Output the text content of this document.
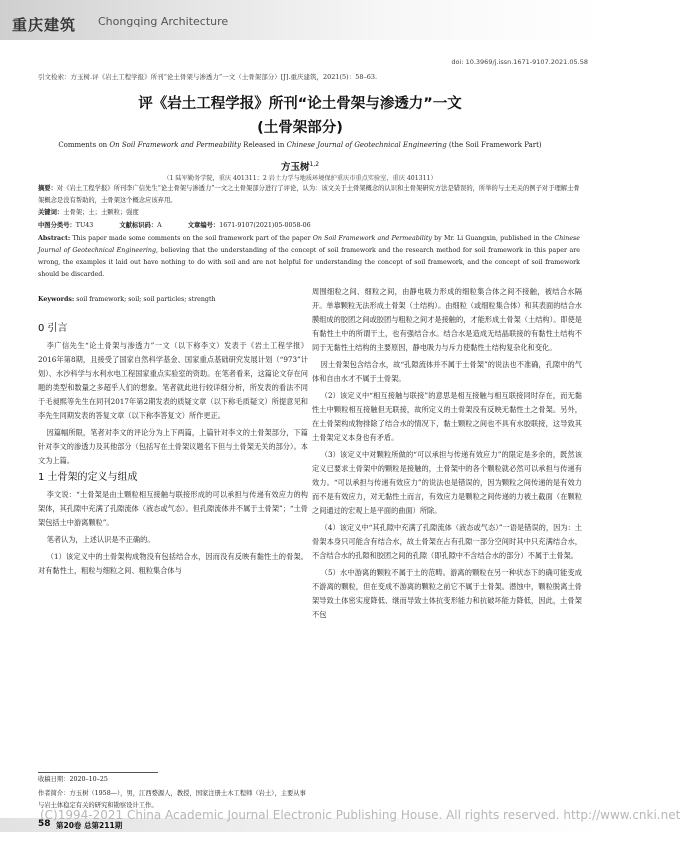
重庆建筑 Chongqing Architecture
doi: 10.3969/j.issn.1671-9107.2021.05.58
引文检索：方玉树.评《岩土工程学报》所刊“论土骨架与渗透力”一文（土骨架部分）[J].重庆建筑，2021(5)：58–63.
评《岩土工程学报》所刊“论土骨架与渗透力”一文
(土骨架部分)
Comments on On Soil Framework and Permeability Released in Chinese Journal of Geotechnical Engineering (the Soil Framework Part)
方玉树$^{1,2}$
（1 陆军勤务学院，重庆 401311；2 岩土力学与地质环境保护重庆市重点实验室，重庆 401311）
摘要：对《岩土工程学报》所刊李广信先生“论土骨架与渗透力”一文之土骨架部分进行了评论，认为：该文关于土骨架概念的认识和土骨架研究方法是错误的，所举的与土无关的例子对于理解土骨架概念是没有帮助的，土骨架这个概念应该弃用。
关键词：土骨架；土；土颗粒；强度
中图分类号：TU43	文献标识码：A	文章编号：1671-9107(2021)05-0058-06
Abstract: This paper made some comments on the soil framework part of the paper On Soil Framework and Permeability by Mr. Li Guangxin, published in the Chinese Journal of Geotechnical Engineering, believing that the understanding of the concept of soil framework and the research method for soil framework in this paper are wrong, the examples it laid out have nothing to do with soil and are not helpful for understanding the concept of soil framework, and the concept of soil framework should be discarded.
Keywords: soil framework; soil; soil particles; strength

0 引言

李广信先生“论土骨架与渗透力”一文（以下称李文）发表于《岩土工程学报》2016年第8期，且接受了国家自然科学基金、国家重点基础研究发展计划（“973”计划）、水沙科学与水利水电工程国家重点实验室的资助。在笔者看来，这篇论文存在问题的类型和数量之多超乎人们的想象。笔者就此进行较详细分析，所发表的看法不同于毛昶熙等先生在同刊2017年第2期发表的质疑文章（以下称毛质疑文）所提意见和李先生同期发表的答复文章（以下称李答复文）所作更正。

因篇幅所限，笔者对李文的评论分为上下两篇，上篇针对李文的土骨架部分，下篇针对李文的渗透力及其他部分（包括写在土骨架议题名下但与土骨架无关的部分）。本文为上篇。

1 土骨架的定义与组成

李文说：“土骨架是由土颗粒相互接触与联接形成的可以承担与传递有效应力的构架体，其孔隙中充满了孔隙流体（液态或气态）。但孔隙流体并不属于土骨架”；“土骨架包括土中游离颗粒”。

笔者认为，上述认识是不正确的。

（1）该定义中的土骨架构成物没有包括结合水，因而没有反映有黏性土的骨架。对有黏性土，粗粒与细粒之间、粗粒集合体与

周围细粒之间、细粒之间，由静电吸力形成的细粒集合体之间不接触，被结合水隔开。单靠颗粒无法形成土骨架（土结构）。由细粒（或细粒集合体）和其表面的结合水膜组成的胶团之间或胶团与粗粒之间才是接触的，才能形成土骨架（土结构）。即使是有黏性土中的所谓干土，也有强结合水。结合水是造成无结晶联接的有黏性土结构不同于无黏性土结构的主要原因，静电吸力与斥力使黏性土结构复杂化和变化。

因土骨架包含结合水，故“孔隙流体并不属于土骨架”的说法也不准确，孔隙中的气体和自由水才不属于土骨架。

（2）该定义中“相互接触与联接”的意思是相互接触与相互联接同时存在，而无黏性土中颗粒相互接触但无联接，故所定义的土骨架没有反映无黏性土之骨架。另外，在土骨架构成物排除了结合水的情况下，黏土颗粒之间也不具有水胶联接，这导致其土骨架定义本身也有矛盾。

（3）该定义中对颗粒所做的“可以承担与传递有效应力”的限定是多余的，既然该定义已要求土骨架中的颗粒是接触的，土骨架中的各个颗粒就必然可以承担与传递有效力。“可以承担与传递有效应力”的说法也是错误的，因为颗粒之间传递的是有效力而不是有效应力，对无黏性土而言，有效应力是颗粒之间传递的力被土截面（在颗粒之间通过的宏观上是平面的曲面）所除。

（4）该定义中“其孔隙中充满了孔隙流体（液态或气态）”一语是错误的，因为：土骨架本身只可能含有结合水，故土骨架在占有孔隙一部分空间时其中只充满结合水，不含结合水的孔隙和胶团之间的孔隙（即孔隙中不含结合水的部分）不属于土骨架。

（5）水中游离的颗粒不属于土的范畴。游离的颗粒在另一种状态下的确可能变成不游离的颗粒，但在变成不游离的颗粒之前它不属于土骨架。潜蚀中，颗粒脱离土骨架导致土体密实度降低、继而导致土体抗变形能力和抗破坏能力降低，因此，土骨架不包

收稿日期：2020–10–25
作者简介：方玉树（1958—），男，江西婺源人，教授，国家注册土木工程师（岩土），主要从事与岩土体稳定有关的研究和勘察设计工作。
(C)1994-2021 China Academic Journal Electronic Publishing House. All rights reserved. http://www.cnki.net
58 第20卷 总第211期
